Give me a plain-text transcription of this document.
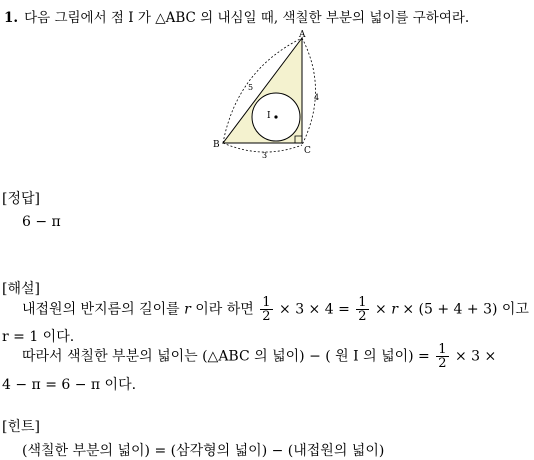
1. 다음 그림에서 점 I 가 △ABC 의 내심일 때, 색칠한 부분의 넓이를 구하여라.
A
B
C
I
5
4
3
[정답]
6 − π
[해설]
내접원의 반지름의 길이를 r 이라 하면 $\frac{1}{2} \times 3 \times 4 = \frac{1}{2} \times r \times (5 + 4 + 3)$ 이고
r = 1 이다.
따라서 색칠한 부분의 넓이는 (△ABC 의 넓이) − ( 원 I 의 넓이) = $\frac{1}{2} \times 3$ ×
4 − π = 6 − π 이다.
[힌트]
(색칠한 부분의 넓이) = (삼각형의 넓이) − (내접원의 넓이)
